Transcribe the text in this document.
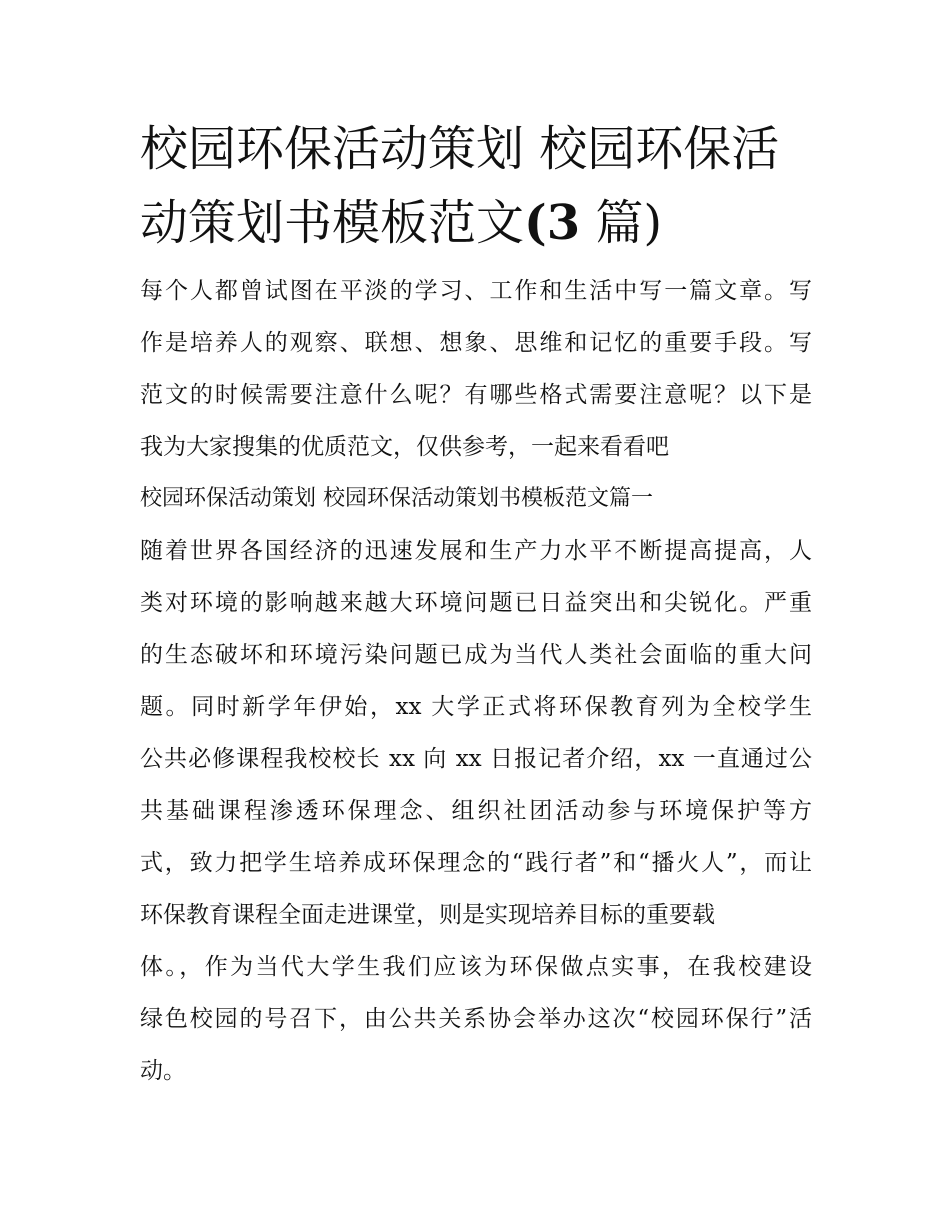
校园环保活动策划 校园环保活动策划书模板范文(3 篇)
每个人都曾试图在平淡的学习、工作和生活中写一篇文章。写
作是培养人的观察、联想、想象、思维和记忆的重要手段。写
范文的时候需要注意什么呢？有哪些格式需要注意呢？以下是
我为大家搜集的优质范文，仅供参考，一起来看看吧
校园环保活动策划 校园环保活动策划书模板范文篇一
随着世界各国经济的迅速发展和生产力水平不断提高提高，人
类对环境的影响越来越大环境问题已日益突出和尖锐化。严重
的生态破坏和环境污染问题已成为当代人类社会面临的重大问
题。同时新学年伊始，xx 大学正式将环保教育列为全校学生
公共必修课程我校校长 xx 向 xx 日报记者介绍，xx 一直通过公
共基础课程渗透环保理念、组织社团活动参与环境保护等方
式，致力把学生培养成环保理念的“践行者”和“播火人”，而让
环保教育课程全面走进课堂，则是实现培养目标的重要载
体。，作为当代大学生我们应该为环保做点实事，在我校建设
绿色校园的号召下，由公共关系协会举办这次“校园环保行”活
动。
